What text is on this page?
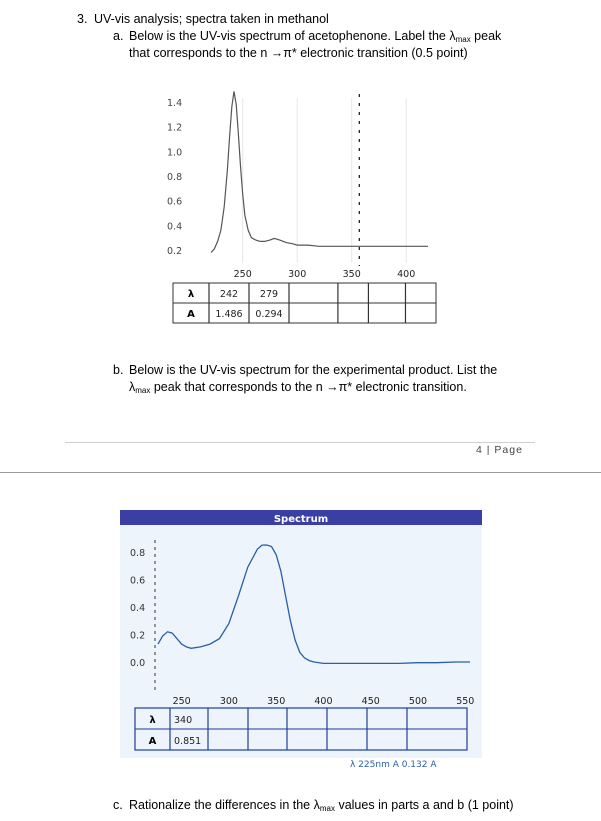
3. UV-vis analysis; spectra taken in methanol
a. Below is the UV-vis spectrum of acetophenone. Label the $\lambda_{max}$ peak
that corresponds to the n →π* electronic transition (0.5 point)
0.2
0.4
0.6
0.8
1.0
1.2
1.4
250	300	350	400
λ	242 279
A 1.486 0.294
b. Below is the UV-vis spectrum for the experimental product. List the
$\lambda_{max}$ peak that corresponds to the n →π* electronic transition.
4 | Page
Spectrum
0.0
0.2
0.4
0.6
0.8
250	300	350	400	450	500	550
λ 340
A 0.851
λ 225nm A 0.132 A
c. Rationalize the differences in the $\lambda_{max}$ values in parts a and b (1 point)
